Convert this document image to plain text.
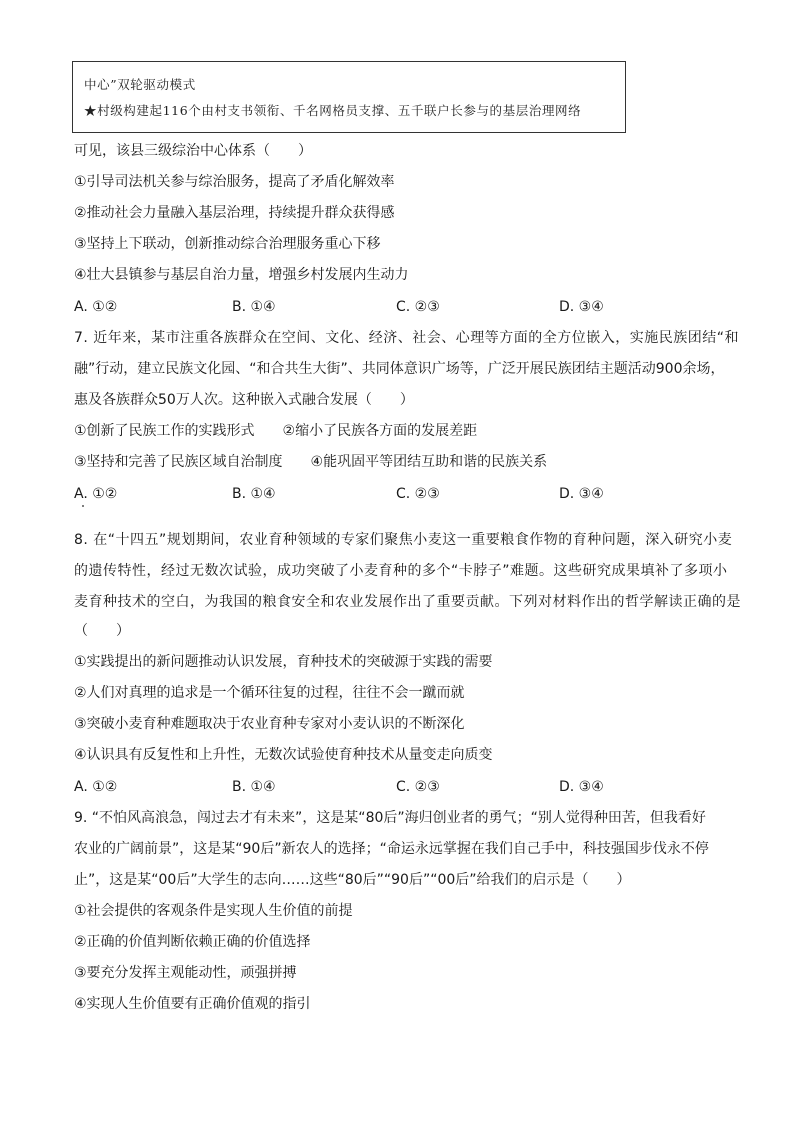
中心”双轮驱动模式
★村级构建起116个由村支书领衔、千名网格员支撑、五千联户长参与的基层治理网络
可见，该县三级综治中心体系（　　）
①引导司法机关参与综治服务，提高了矛盾化解效率
②推动社会力量融入基层治理，持续提升群众获得感
③坚持上下联动，创新推动综合治理服务重心下移
④壮大县镇参与基层自治力量，增强乡村发展内生动力
A. ①②	B. ①④	C. ②③	D. ③④
7. 近年来，某市注重各族群众在空间、文化、经济、社会、心理等方面的全方位嵌入，实施民族团结“和
融”行动，建立民族文化园、“和合共生大街”、共同体意识广场等，广泛开展民族团结主题活动900余场，
惠及各族群众50万人次。这种嵌入式融合发展（　　）
①创新了民族工作的实践形式　　②缩小了民族各方面的发展差距
③坚持和完善了民族区域自治制度　　④能巩固平等团结互助和谐的民族关系
A. ①②	B. ①④	C. ②③	D. ③④
8. 在“十四五”规划期间，农业育种领域的专家们聚焦小麦这一重要粮食作物的育种问题，深入研究小麦
的遗传特性，经过无数次试验，成功突破了小麦育种的多个“卡脖子”难题。这些研究成果填补了多项小
麦育种技术的空白，为我国的粮食安全和农业发展作出了重要贡献。下列对材料作出的哲学解读正确的是
（　　）
①实践提出的新问题推动认识发展，育种技术的突破源于实践的需要
②人们对真理的追求是一个循环往复的过程，往往不会一蹴而就
③突破小麦育种难题取决于农业育种专家对小麦认识的不断深化
④认识具有反复性和上升性，无数次试验使育种技术从量变走向质变
A. ①②	B. ①④	C. ②③	D. ③④
9. “不怕风高浪急，闯过去才有未来”，这是某“80后”海归创业者的勇气；“别人觉得种田苦，但我看好
农业的广阔前景”，这是某“90后”新农人的选择；“命运永远掌握在我们自己手中，科技强国步伐永不停
止”，这是某“00后”大学生的志向……这些“80后”“90后”“00后”给我们的启示是（　　）
①社会提供的客观条件是实现人生价值的前提
②正确的价值判断依赖正确的价值选择
③要充分发挥主观能动性，顽强拼搏
④实现人生价值要有正确价值观的指引
